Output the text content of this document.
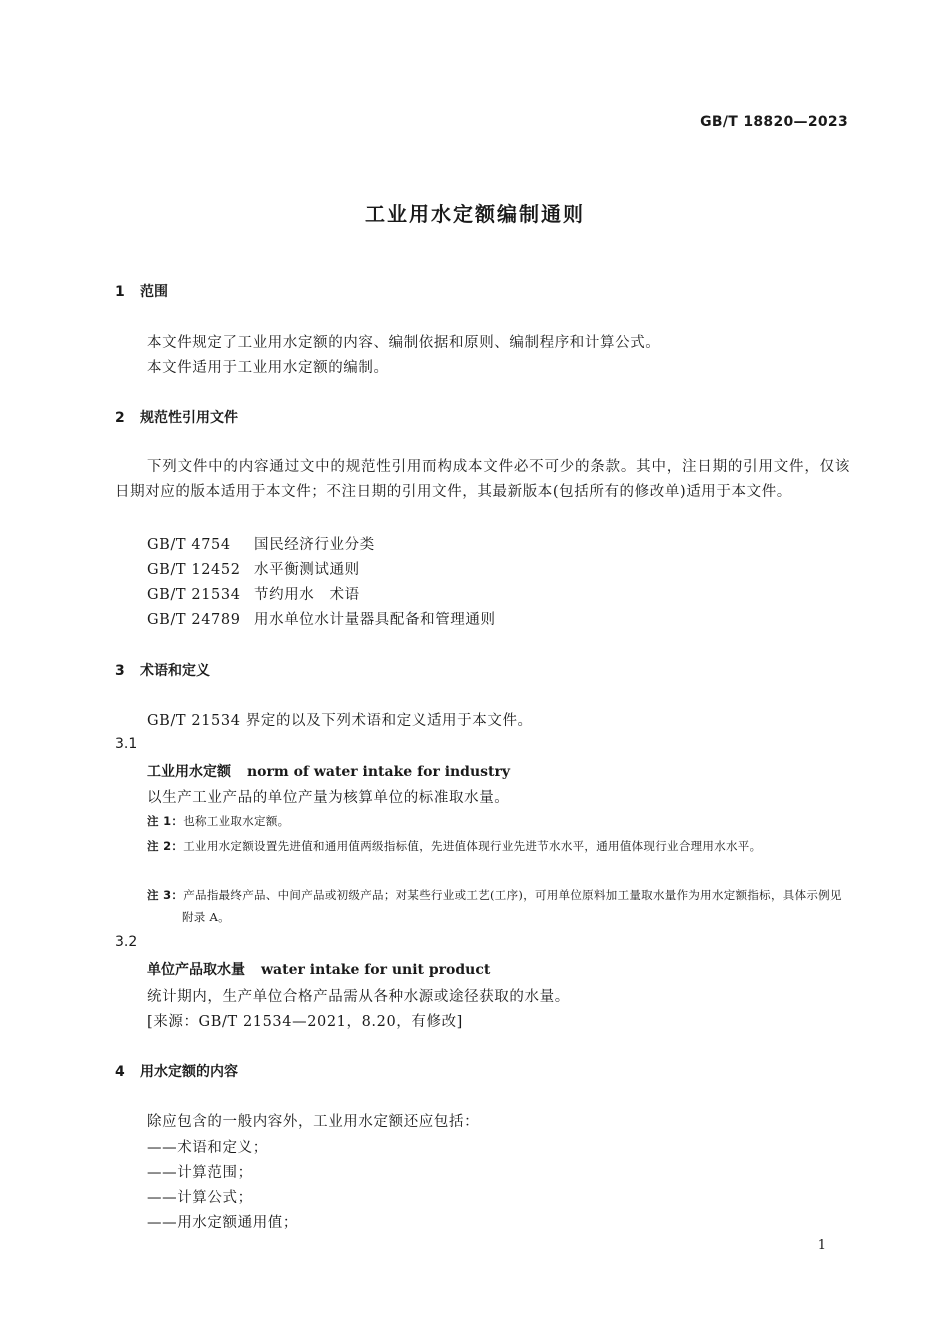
GB/T 18820—2023
工业用水定额编制通则
1 范围
本文件规定了工业用水定额的内容、编制依据和原则、编制程序和计算公式。
本文件适用于工业用水定额的编制。
2 规范性引用文件
下列文件中的内容通过文中的规范性引用而构成本文件必不可少的条款。其中，注日期的引用文件，仅该日期对应的版本适用于本文件；不注日期的引用文件，其最新版本(包括所有的修改单)适用于本文件。
GB/T 4754 国民经济行业分类
GB/T 12452 水平衡测试通则
GB/T 21534 节约用水　术语
GB/T 24789 用水单位水计量器具配备和管理通则
3 术语和定义
GB/T 21534 界定的以及下列术语和定义适用于本文件。
3.1
工业用水定额 norm of water intake for industry
以生产工业产品的单位产量为核算单位的标准取水量。
注 1：也称工业取水定额。
注 2：工业用水定额设置先进值和通用值两级指标值，先进值体现行业先进节水水平，通用值体现行业合理用水水平。
注 3：产品指最终产品、中间产品或初级产品；对某些行业或工艺(工序)，可用单位原料加工量取水量作为用水定额指标，具体示例见附录 A。
3.2
单位产品取水量 water intake for unit product
统计期内，生产单位合格产品需从各种水源或途径获取的水量。
[来源：GB/T 21534—2021，8.20，有修改]
4 用水定额的内容
除应包含的一般内容外，工业用水定额还应包括：
——术语和定义；
——计算范围；
——计算公式；
——用水定额通用值；
1
